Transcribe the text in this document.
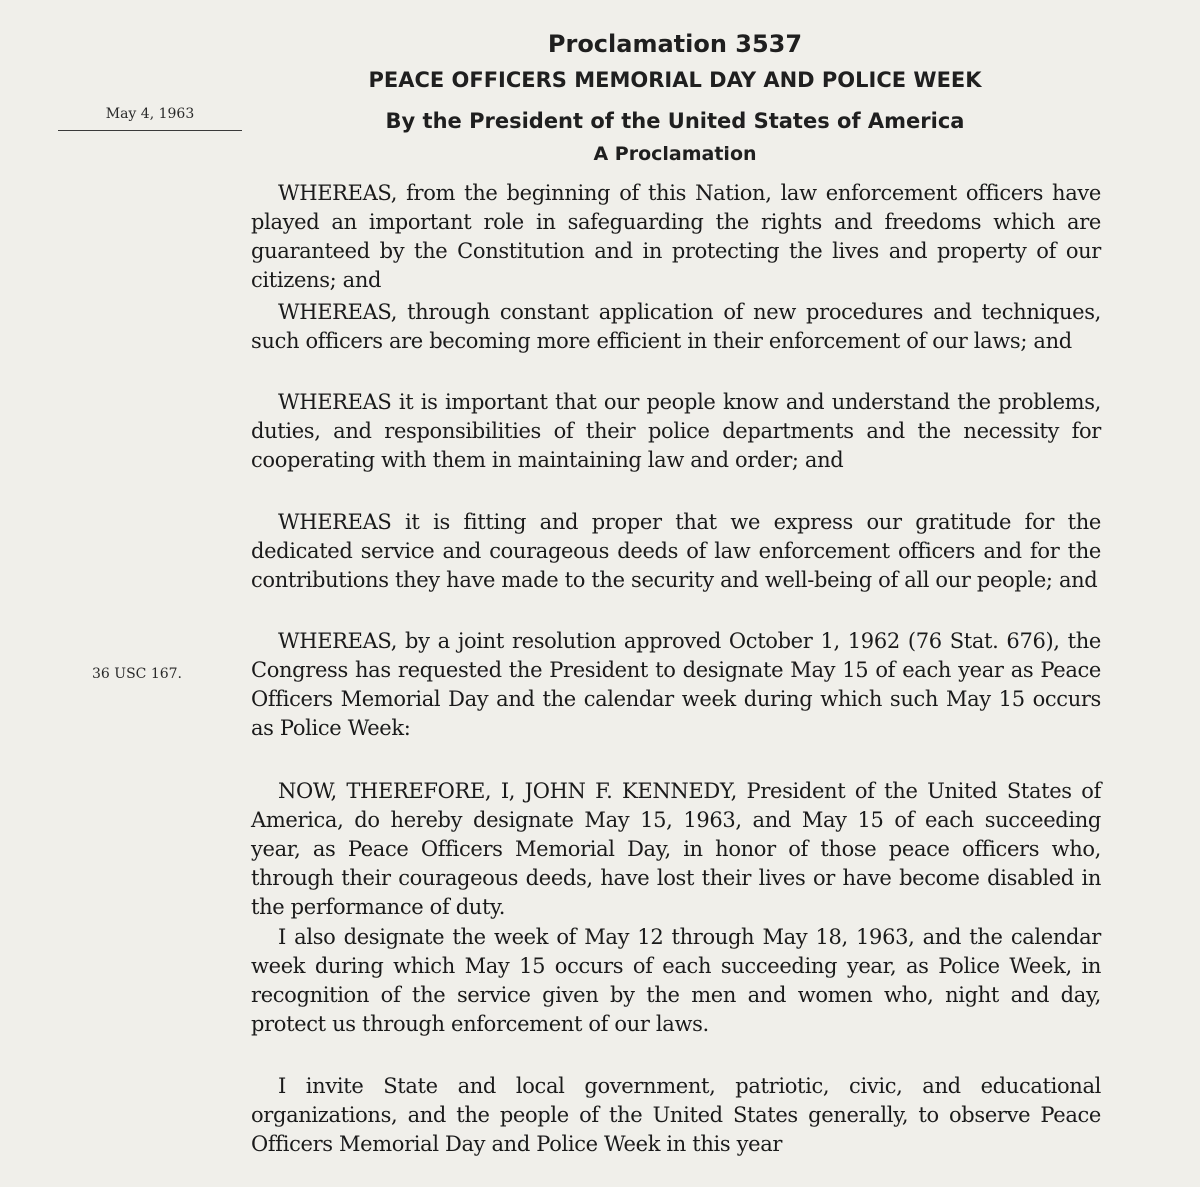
Proclamation 3537
PEACE OFFICERS MEMORIAL DAY AND POLICE WEEK
By the President of the United States of America
A Proclamation
May 4, 1963
36 USC 167.

WHEREAS, from the beginning of this Nation, law enforcement officers have played an important role in safeguarding the rights and freedoms which are guaranteed by the Constitution and in protecting the lives and property of our citizens; and

WHEREAS, through constant application of new procedures and techniques, such officers are becoming more efficient in their enforcement of our laws; and

WHEREAS it is important that our people know and understand the problems, duties, and responsibilities of their police departments and the necessity for cooperating with them in maintaining law and order; and

WHEREAS it is fitting and proper that we express our gratitude for the dedicated service and courageous deeds of law enforcement officers and for the contributions they have made to the security and well-being of all our people; and

WHEREAS, by a joint resolution approved October 1, 1962 (76 Stat. 676), the Congress has requested the President to designate May 15 of each year as Peace Officers Memorial Day and the calendar week during which such May 15 occurs as Police Week:

NOW, THEREFORE, I, JOHN F. KENNEDY, President of the United States of America, do hereby designate May 15, 1963, and May 15 of each succeeding year, as Peace Officers Memorial Day, in honor of those peace officers who, through their courageous deeds, have lost their lives or have become disabled in the performance of duty.

I also designate the week of May 12 through May 18, 1963, and the calendar week during which May 15 occurs of each succeeding year, as Police Week, in recognition of the service given by the men and women who, night and day, protect us through enforcement of our laws.

I invite State and local government, patriotic, civic, and educational organizations, and the people of the United States generally, to observe Peace Officers Memorial Day and Police Week in this year
